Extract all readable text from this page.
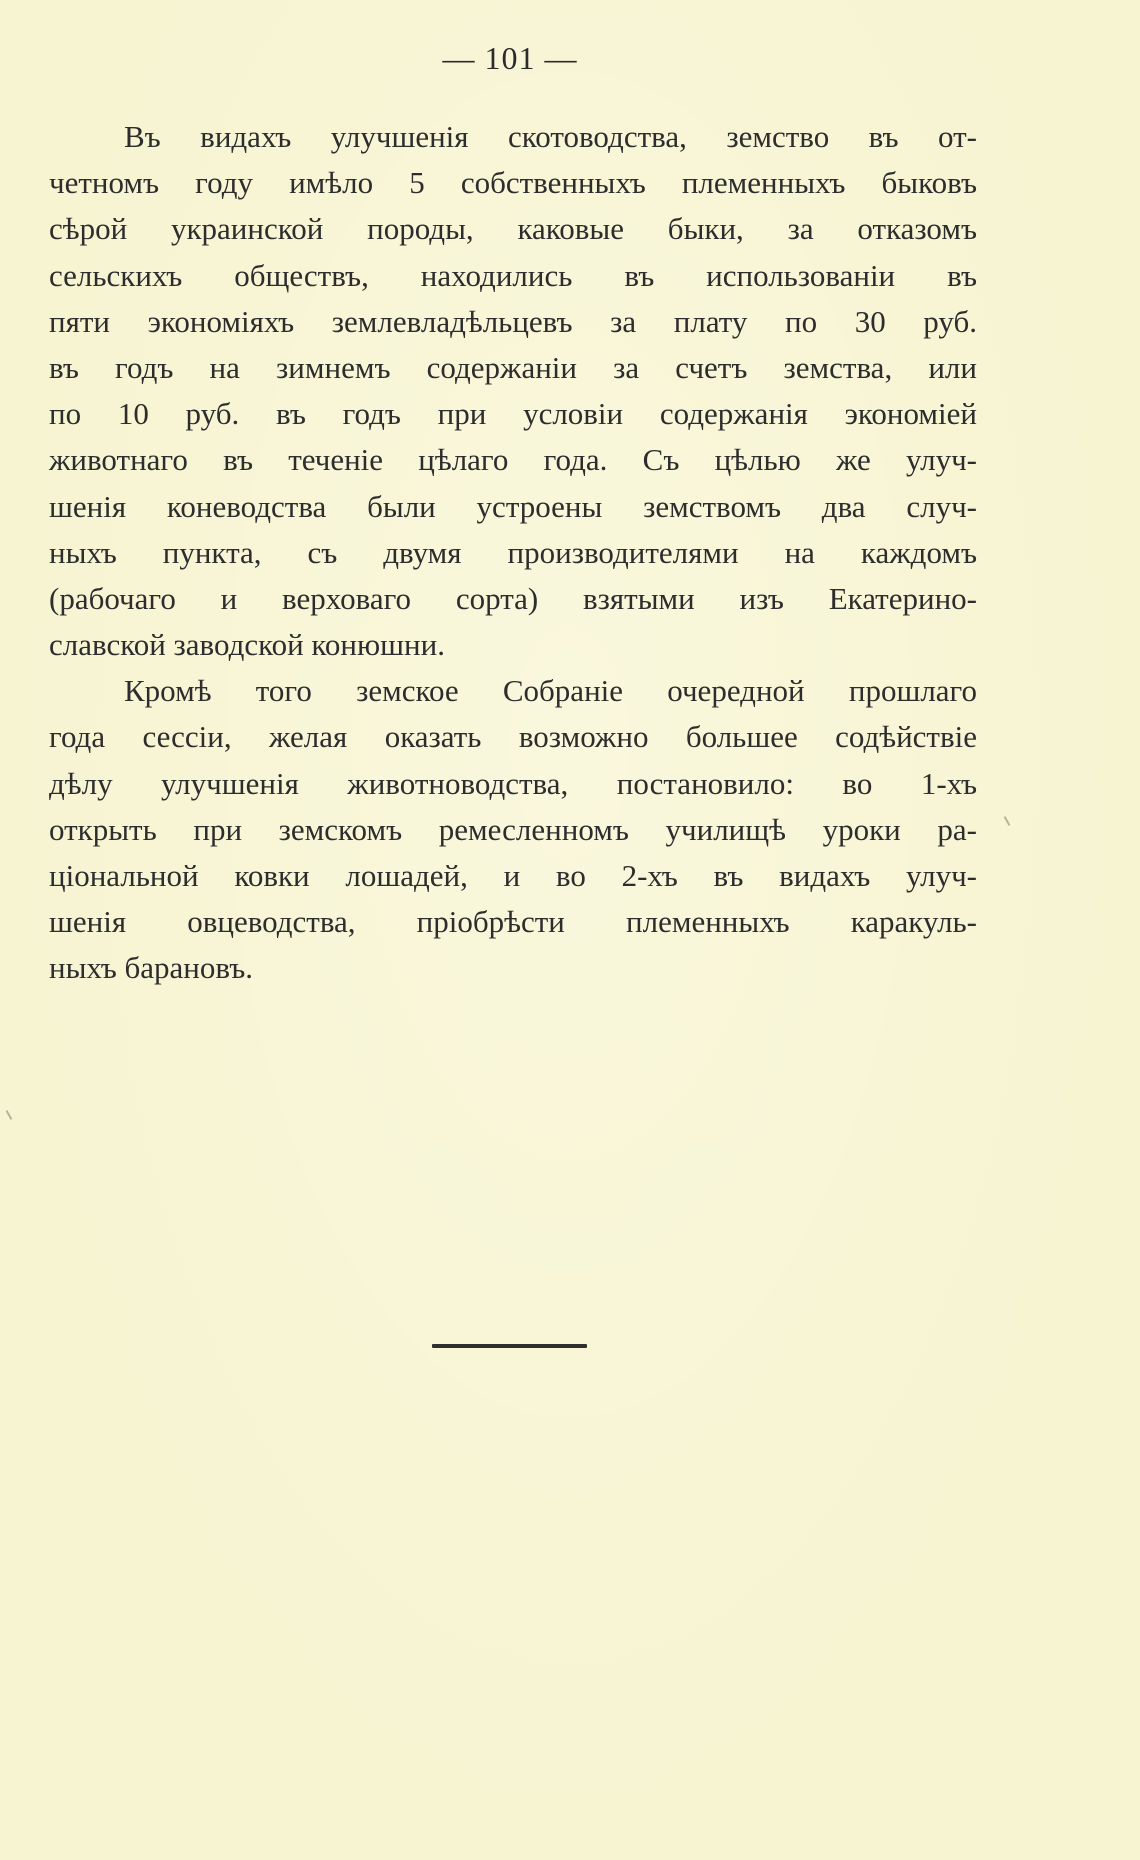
— 101 —
Въ видахъ улучшенія скотоводства, земство въ от-
четномъ году имѣло 5 собственныхъ племенныхъ быковъ
сѣрой украинской породы, каковые быки, за отказомъ
сельскихъ обществъ, находились въ использованіи въ
пяти экономіяхъ землевладѣльцевъ за плату по 30 руб.
въ годъ на зимнемъ содержаніи за счетъ земства, или
по 10 руб. въ годъ при условіи содержанія экономіей
животнаго въ теченіе цѣлаго года. Съ цѣлью же улуч-
шенія коневодства были устроены земствомъ два случ-
ныхъ пункта, съ двумя производителями на каждомъ
(рабочаго и верховаго сорта) взятыми изъ Екатерино-
славской заводской конюшни.
Кромѣ того земское Собраніе очередной прошлаго
года сессіи, желая оказать возможно большее содѣйствіе
дѣлу улучшенія животноводства, постановило: во 1-хъ
открыть при земскомъ ремесленномъ училищѣ уроки ра-
ціональной ковки лошадей, и во 2-хъ въ видахъ улуч-
шенія овцеводства, пріобрѣсти племенныхъ каракуль-
ныхъ барановъ.
